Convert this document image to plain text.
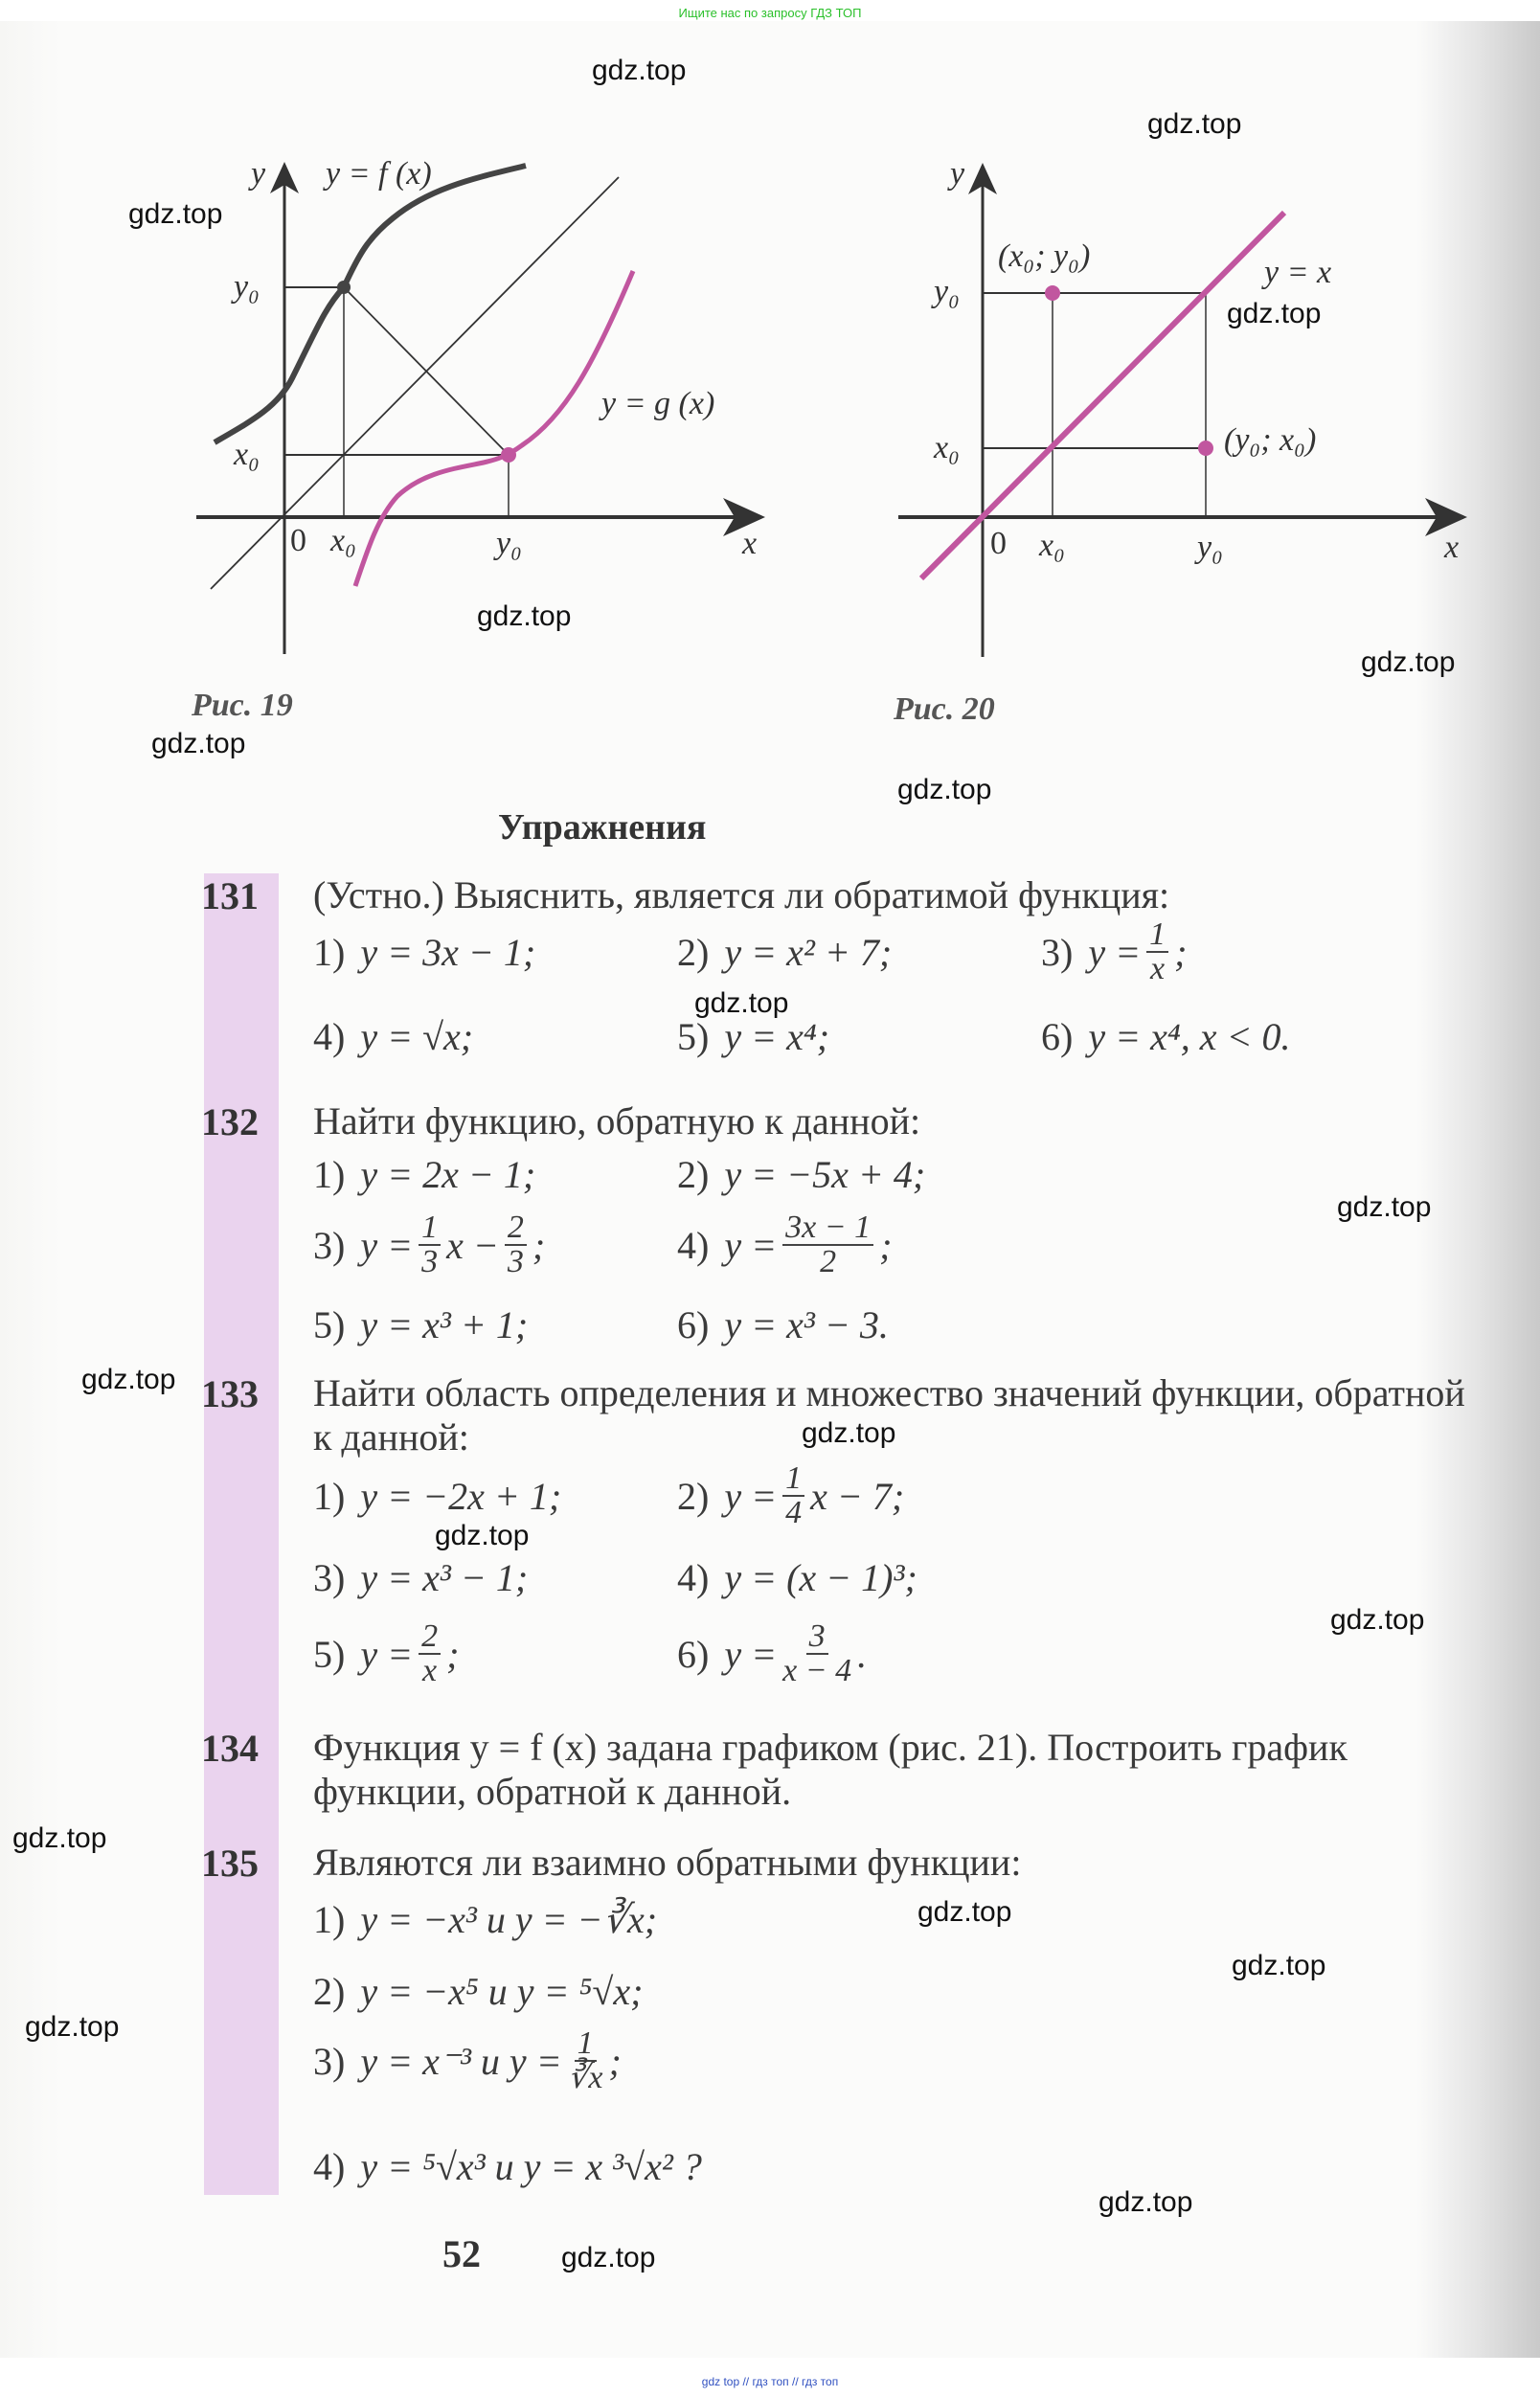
Ищите нас по запросу ГДЗ ТОП
y y = f (x)
y₀
x₀
y = g (x)
0 x₀	y₀	x
y
(x₀; y₀)	y = x
y₀
x₀	(y₀; x₀)
0 x₀	y₀	x
Рис. 19	Рис. 20
Упражнения
131 (Устно.) Выяснить, является ли обратимой функция:
1) y = 3x − 1;	2) y = x² + 7;	3) $y = \frac{1}{x}$ ;
4) y = √x;	5) y = x⁴;	6) y = x⁴, x < 0.
132 Найти функцию, обратную к данной:
1) y = 2x − 1;	2) y = −5x + 4;
3) $y = \frac{1}{3}$ $x - \frac{2}{3}$ ;	4) $y = \frac{3x - 1}{2}$ ;
5) y = x³ + 1;	6) y = x³ − 3.
133 Найти область определения и множество значений функции, обратной к данной:
1) y = −2x + 1;	2) $y = \frac{1}{4}$ x − 7;
3) y = x³ − 1;	4) y = (x − 1)³;
5) $y = \frac{2}{x}$ ;	6) $y = \frac{3}{x - 4}$ .
134 Функция y = f (x) задана графиком (рис. 21). Построить график функции, обратной к данной.
135 Являются ли взаимно обратными функции:
1) y = −x³ и y = −∛x;
2) y = −x⁵ и y = ⁵√x;
3) y = x⁻³ и $y = \frac{1}{∛x}$ ;
4) y = ⁵√x³ и y = x ³√x² ?
52
gdz.top
gdz.top
gdz.top
gdz.top
gdz.top
gdz.top
gdz.top
gdz.top
gdz.top
gdz.top
gdz.top
gdz.top
gdz.top
gdz.top
gdz.top
gdz.top
gdz.top
gdz.top
gdz.top
gdz.top
gdz top // гдз топ // гдз топ
